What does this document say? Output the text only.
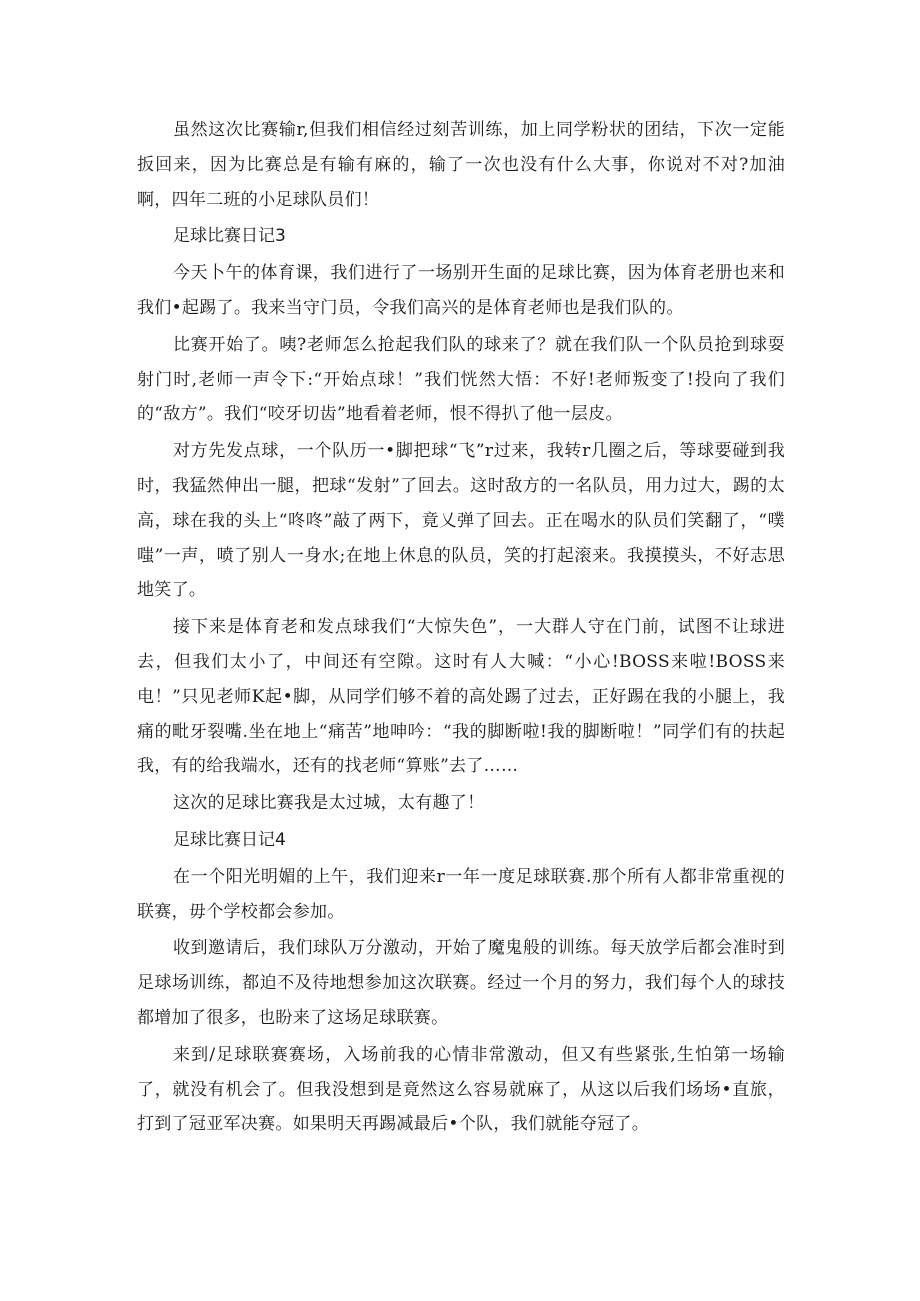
虽然这次比赛输r,但我们相信经过刻苦训练，加上同学粉状的团结，下次一定能扳回来，因为比赛总是有输有麻的，输了一次也没有什么大事，你说对不对?加油啊，四年二班的小足球队员们！

足球比赛日记3

今天卜午的体育课，我们进行了一场别开生面的足球比赛，因为体育老册也来和我们•起踢了。我来当守门员，令我们高兴的是体育老师也是我们队的。

比赛开始了。咦?老师怎么抢起我们队的球来了？就在我们队一个队员抢到球耍射门时,老师一声令下:“开始点球！”我们恍然大悟：不好!老师叛变了!投向了我们的“敌方”。我们“咬牙切齿”地看着老师，恨不得扒了他一层皮。

对方先发点球，一个队历一•脚把球“飞”r过来，我转r几圈之后，等球要碰到我时，我猛然伸出一腿，把球“发射”了回去。这时敌方的一名队员，用力过大，踢的太高，球在我的头上“咚咚”敲了两下，竟乂弹了回去。正在喝水的队员们笑翻了，“噗嗤”一声，喷了别人一身水;在地上休息的队员，笑的打起滚来。我摸摸头，不好志思地笑了。

接下来是体育老和发点球我们“大惊失色”，一大群人守在门前，试图不让球进去，但我们太小了，中间还有空隙。这时有人大喊：“小心!BOSS来啦!BOSS来电！”只见老师K起•脚，从同学们够不着的高处踢了过去，正好踢在我的小腿上，我痛的毗牙裂嘴.坐在地上“痛苦”地呻吟：“我的脚断啦!我的脚断啦！”同学们有的扶起我，有的给我端水，还有的找老师“算账”去了……

这次的足球比赛我是太过城，太有趣了！

足球比赛日记4

在一个阳光明媚的上午，我们迎来r一年一度足球联赛.那个所有人都非常重视的联赛，毋个学校都会参加。

收到邀请后，我们球队万分激动，开始了魔鬼般的训练。每天放学后都会准时到足球场训练，都迫不及待地想参加这次联赛。经过一个月的努力，我们每个人的球技都增加了很多，也盼来了这场足球联赛。

来到/足球联赛赛场，入场前我的心情非常激动，但又有些紧张,生怕第一场输了，就没有机会了。但我没想到是竟然这么容易就麻了，从这以后我们场场•直旅，打到了冠亚军决赛。如果明天再踢减最后•个队，我们就能夺冠了。
